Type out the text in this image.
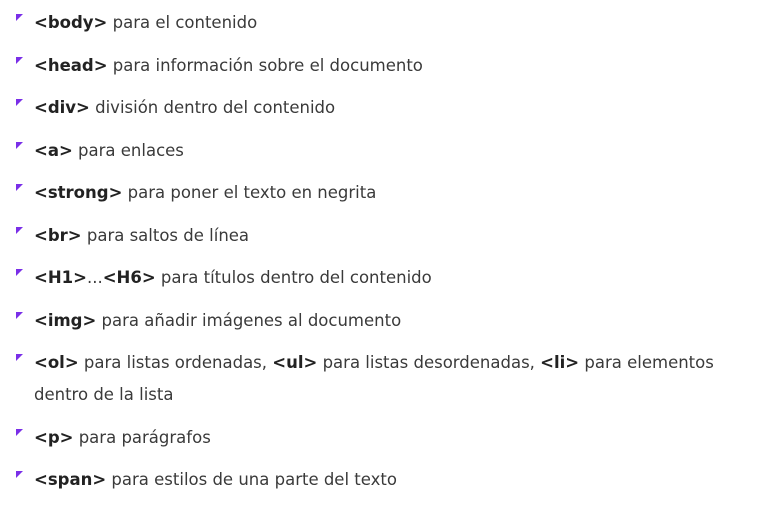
<body> para el contenido
<head> para información sobre el documento
<div> división dentro del contenido
<a> para enlaces
<strong> para poner el texto en negrita
<br> para saltos de línea
<H1>...<H6> para títulos dentro del contenido
<img> para añadir imágenes al documento
<ol> para listas ordenadas, <ul> para listas desordenadas, <li> para elementos
dentro de la lista
<p> para parágrafos
<span> para estilos de una parte del texto
